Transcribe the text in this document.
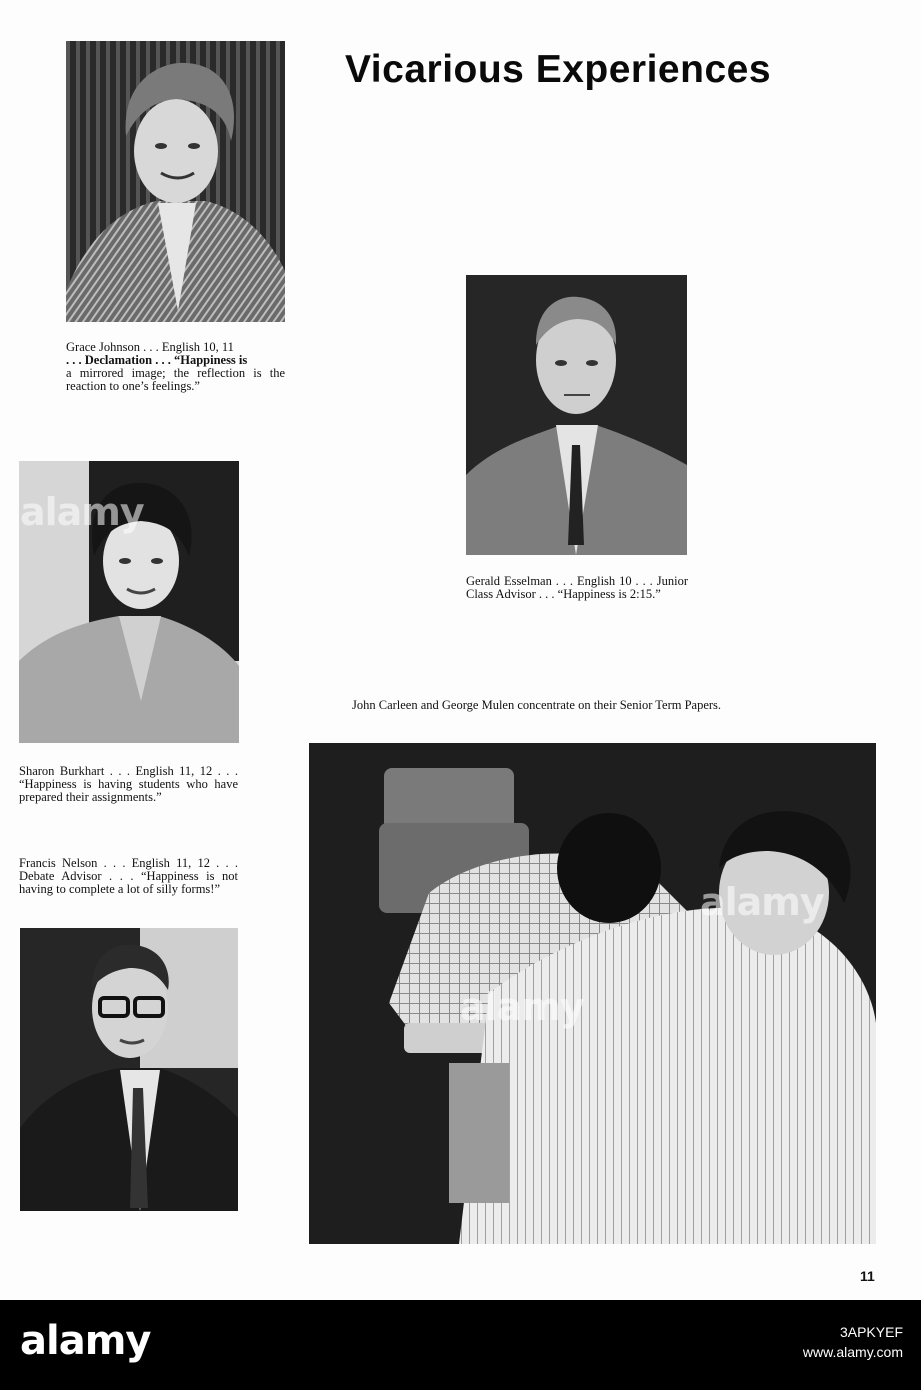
Vicarious Experiences
Grace Johnson . . . English 10, 11
. . . Declamation . . . “Happiness is
a mirrored image; the reflection is the reaction to one’s feelings.”
Gerald Esselman . . . English 10 . . . Junior Class Advisor . . . “Happiness is 2:15.”
John Carleen and George Mulen concentrate on their Senior Term Papers.
Sharon Burkhart . . . English 11, 12 . . . “Happiness is having students who have prepared their assignments.”
Francis Nelson . . . English 11, 12 . . . Debate Advisor . . . “Happiness is not having to complete a lot of silly forms!”
alamy
alamy
alamy
11
alamy	3APKYEF
www.alamy.com
